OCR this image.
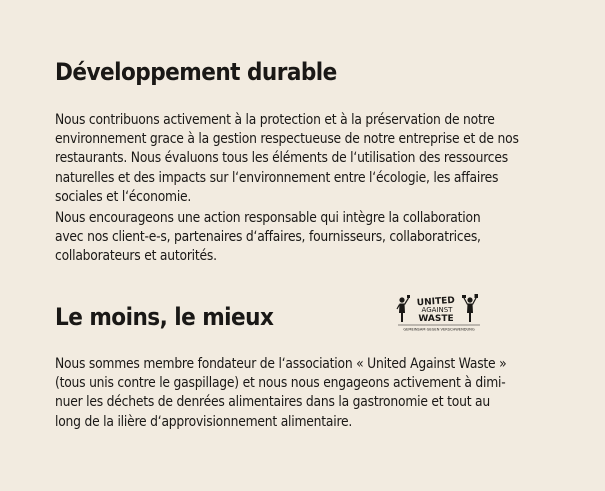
Développement durable

Nous contribuons activement à la protection et à la préservation de notre
environnement grace à la gestion respectueuse de notre entreprise et de nos
restaurants. Nous évaluons tous les éléments de l‘utilisation des ressources
naturelles et des impacts sur l‘environnement entre l‘écologie, les affaires
sociales et l‘économie.

Nous encourageons une action responsable qui intègre la collaboration
avec nos client-e-s, partenaires d‘affaires, fournisseurs, collaboratrices,
collaborateurs et autorités.

Le moins, le mieux
UNITED
AGAINST
WASTE
GEMEINSAM GEGEN VERSCHWENDUNG

Nous sommes membre fondateur de l‘association « United Against Waste »
(tous unis contre le gaspillage) et nous nous engageons activement à dimi-
nuer les déchets de denrées alimentaires dans la gastronomie et tout au
long de la ilière d‘approvisionnement alimentaire.
